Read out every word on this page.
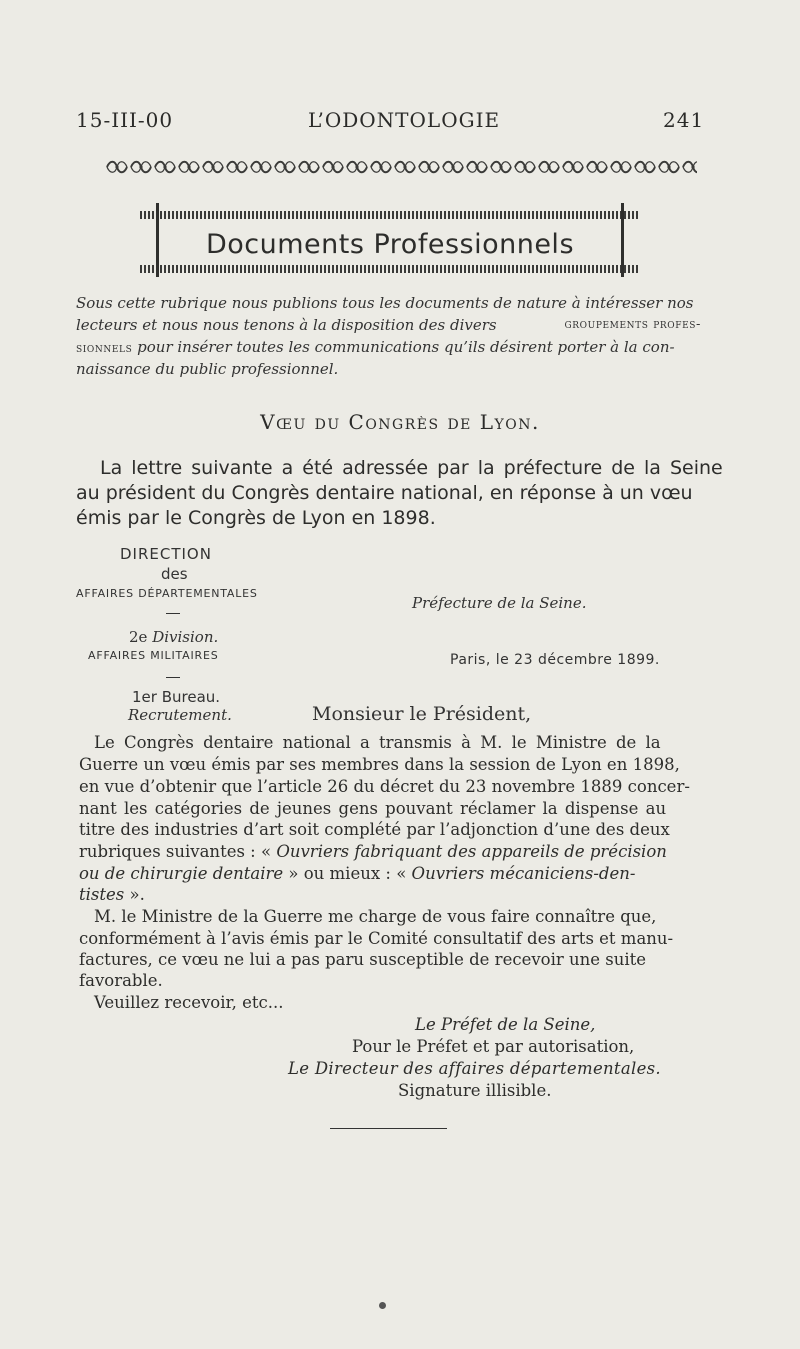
15-III-00	L’ODONTOLOGIE	241
Documents Professionnels
Sous cette rubrique nous publions tous les documents de nature à intéresser nos
lecteurs et nous nous tenons à la disposition des divers	groupements profes-
sionnels pour insérer toutes les communications qu’ils désirent porter à la con-
naissance du public professionnel.
Vœu du Congrès de Lyon.
La lettre suivante a été adressée par la préfecture de la Seine
au président du Congrès dentaire national, en réponse à un vœu
émis par le Congrès de Lyon en 1898.
DIRECTION
des
AFFAIRES DÉPARTEMENTALES
2e Division.
AFFAIRES MILITAIRES
1er Bureau.
Recrutement.
Préfecture de la Seine.
Paris, le 23 décembre 1899.
Monsieur le Président,
Le Congrès dentaire national a transmis à M. le Ministre de la
Guerre un vœu émis par ses membres dans la session de Lyon en 1898,
en vue d’obtenir que l’article 26 du décret du 23 novembre 1889 concer-
nant les catégories de jeunes gens pouvant réclamer la dispense au
titre des industries d’art soit complété par l’adjonction d’une des deux
rubriques suivantes : « Ouvriers fabriquant des appareils de précision
ou de chirurgie dentaire » ou mieux : « Ouvriers mécaniciens-den-
tistes ».
M. le Ministre de la Guerre me charge de vous faire connaître que,
conformément à l’avis émis par le Comité consultatif des arts et manu-
factures, ce vœu ne lui a pas paru susceptible de recevoir une suite
favorable.
Veuillez recevoir, etc...
Le Préfet de la Seine,
Pour le Préfet et par autorisation,
Le Directeur des affaires départementales.
Signature illisible.
